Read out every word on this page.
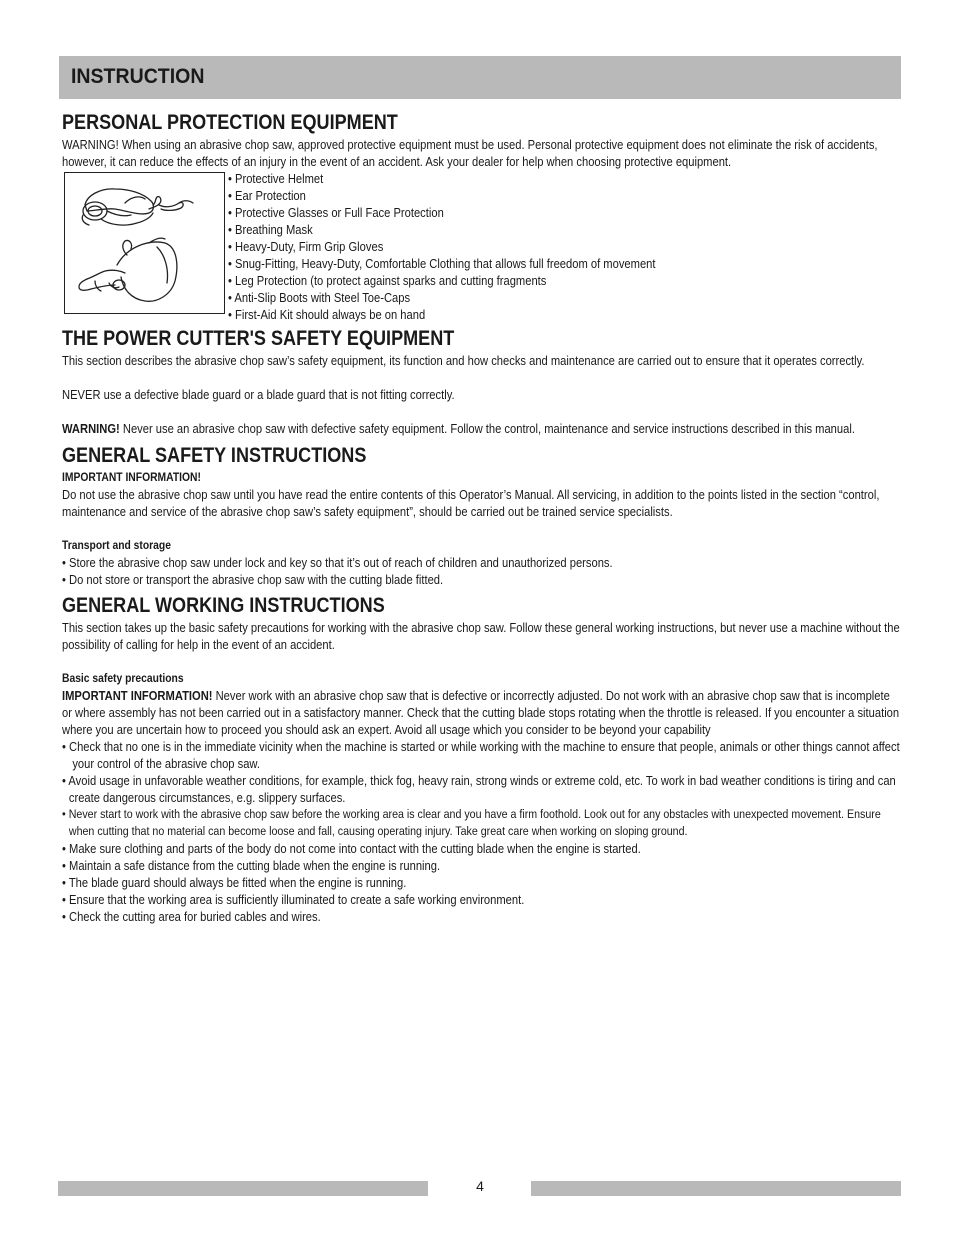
INSTRUCTION
PERSONAL PROTECTION EQUIPMENT

WARNING! When using an abrasive chop saw, approved protective equipment must be used. Personal protective equipment does not eliminate the risk of accidents, however, it can reduce the effects of an injury in the event of an accident. Ask your dealer for help when choosing protective equipment.

• Protective Helmet
• Ear Protection
• Protective Glasses or Full Face Protection
• Breathing Mask
• Heavy-Duty, Firm Grip Gloves
• Snug-Fitting, Heavy-Duty, Comfortable Clothing that allows full freedom of movement
• Leg Protection (to protect against sparks and cutting fragments
• Anti-Slip Boots with Steel Toe-Caps
• First-Aid Kit should always be on hand
THE POWER CUTTER'S SAFETY EQUIPMENT

This section describes the abrasive chop saw’s safety equipment, its function and how checks and maintenance are carried out to ensure that it operates correctly.

NEVER use a defective blade guard or a blade guard that is not fitting correctly.

WARNING! Never use an abrasive chop saw with defective safety equipment. Follow the control, maintenance and service instructions described in this manual.

GENERAL SAFETY INSTRUCTIONS

IMPORTANT INFORMATION!

Do not use the abrasive chop saw until you have read the entire contents of this Operator’s Manual. All servicing, in addition to the points listed in the section “control, maintenance and service of the abrasive chop saw’s safety equipment”, should be carried out be trained service specialists.

Transport and storage

• Store the abrasive chop saw under lock and key so that it’s out of reach of children and unauthorized persons.

• Do not store or transport the abrasive chop saw with the cutting blade fitted.

GENERAL WORKING INSTRUCTIONS

This section takes up the basic safety precautions for working with the abrasive chop saw. Follow these general working instructions, but never use a machine without the possibility of calling for help in the event of an accident.

Basic safety precautions

IMPORTANT INFORMATION! Never work with an abrasive chop saw that is defective or incorrectly adjusted. Do not work with an abrasive chop saw that is incomplete or where assembly has not been carried out in a satisfactory manner. Check that the cutting blade stops rotating when the throttle is released. If you encounter a situation where you are uncertain how to proceed you should ask an expert. Avoid all usage which you consider to be beyond your capability

• Check that no one is in the immediate vicinity when the machine is started or while working with the machine to ensure that people, animals or other things cannot affect your control of the abrasive chop saw.

• Avoid usage in unfavorable weather conditions, for example, thick fog, heavy rain, strong winds or extreme cold, etc. To work in bad weather conditions is tiring and can create dangerous circumstances, e.g. slippery surfaces.

• Never start to work with the abrasive chop saw before the working area is clear and you have a firm foothold. Look out for any obstacles with unexpected movement. Ensure when cutting that no material can become loose and fall, causing operating injury. Take great care when working on sloping ground.

• Make sure clothing and parts of the body do not come into contact with the cutting blade when the engine is started.

• Maintain a safe distance from the cutting blade when the engine is running.

• The blade guard should always be fitted when the engine is running.

• Ensure that the working area is sufficiently illuminated to create a safe working environment.

• Check the cutting area for buried cables and wires.

4
